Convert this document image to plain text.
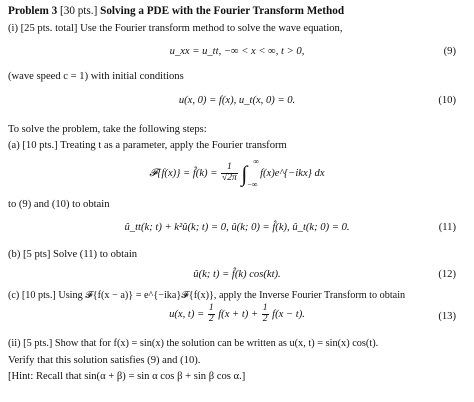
Problem 3 [30 pts.] Solving a PDE with the Fourier Transform Method
(i) [25 pts. total] Use the Fourier transform method to solve the wave equation,
u_xx = u_tt, −∞ < x < ∞, t > 0,	(9)
(wave speed c = 1) with initial conditions
u(x, 0) = f(x), u_t(x, 0) = 0.	(10)
To solve the problem, take the following steps:
(a) [10 pts.] Treating t as a parameter, apply the Fourier transform
𝓕{f(x)} = f̂(k) = $\frac{1}{√2\pi}$ ∫ ∞
−∞
f(x)e^{−ikx} dx
to (9) and (10) to obtain
û_tt(k; t) + k²û(k; t) = 0, û(k; 0) = f̂(k), û_t(k; 0) = 0.	(11)
(b) [5 pts] Solve (11) to obtain
û(k; t) = f̂(k) cos(kt).	(12)
(c) [10 pts.] Using 𝓕{f(x − a)} = e^{−ika}𝓕{f(x)}, apply the Inverse Fourier Transform to obtain
u(x, $t) = \frac{1}{2} f(x + t) + \frac{1}{2} f(x - t)$.	(13)
(ii) [5 pts.] Show that for f(x) = sin(x) the solution can be written as u(x, t) = sin(x) cos(t).
Verify that this solution satisfies (9) and (10).
[Hint: Recall that sin(α + β) = sin α cos β + sin β cos α.]
